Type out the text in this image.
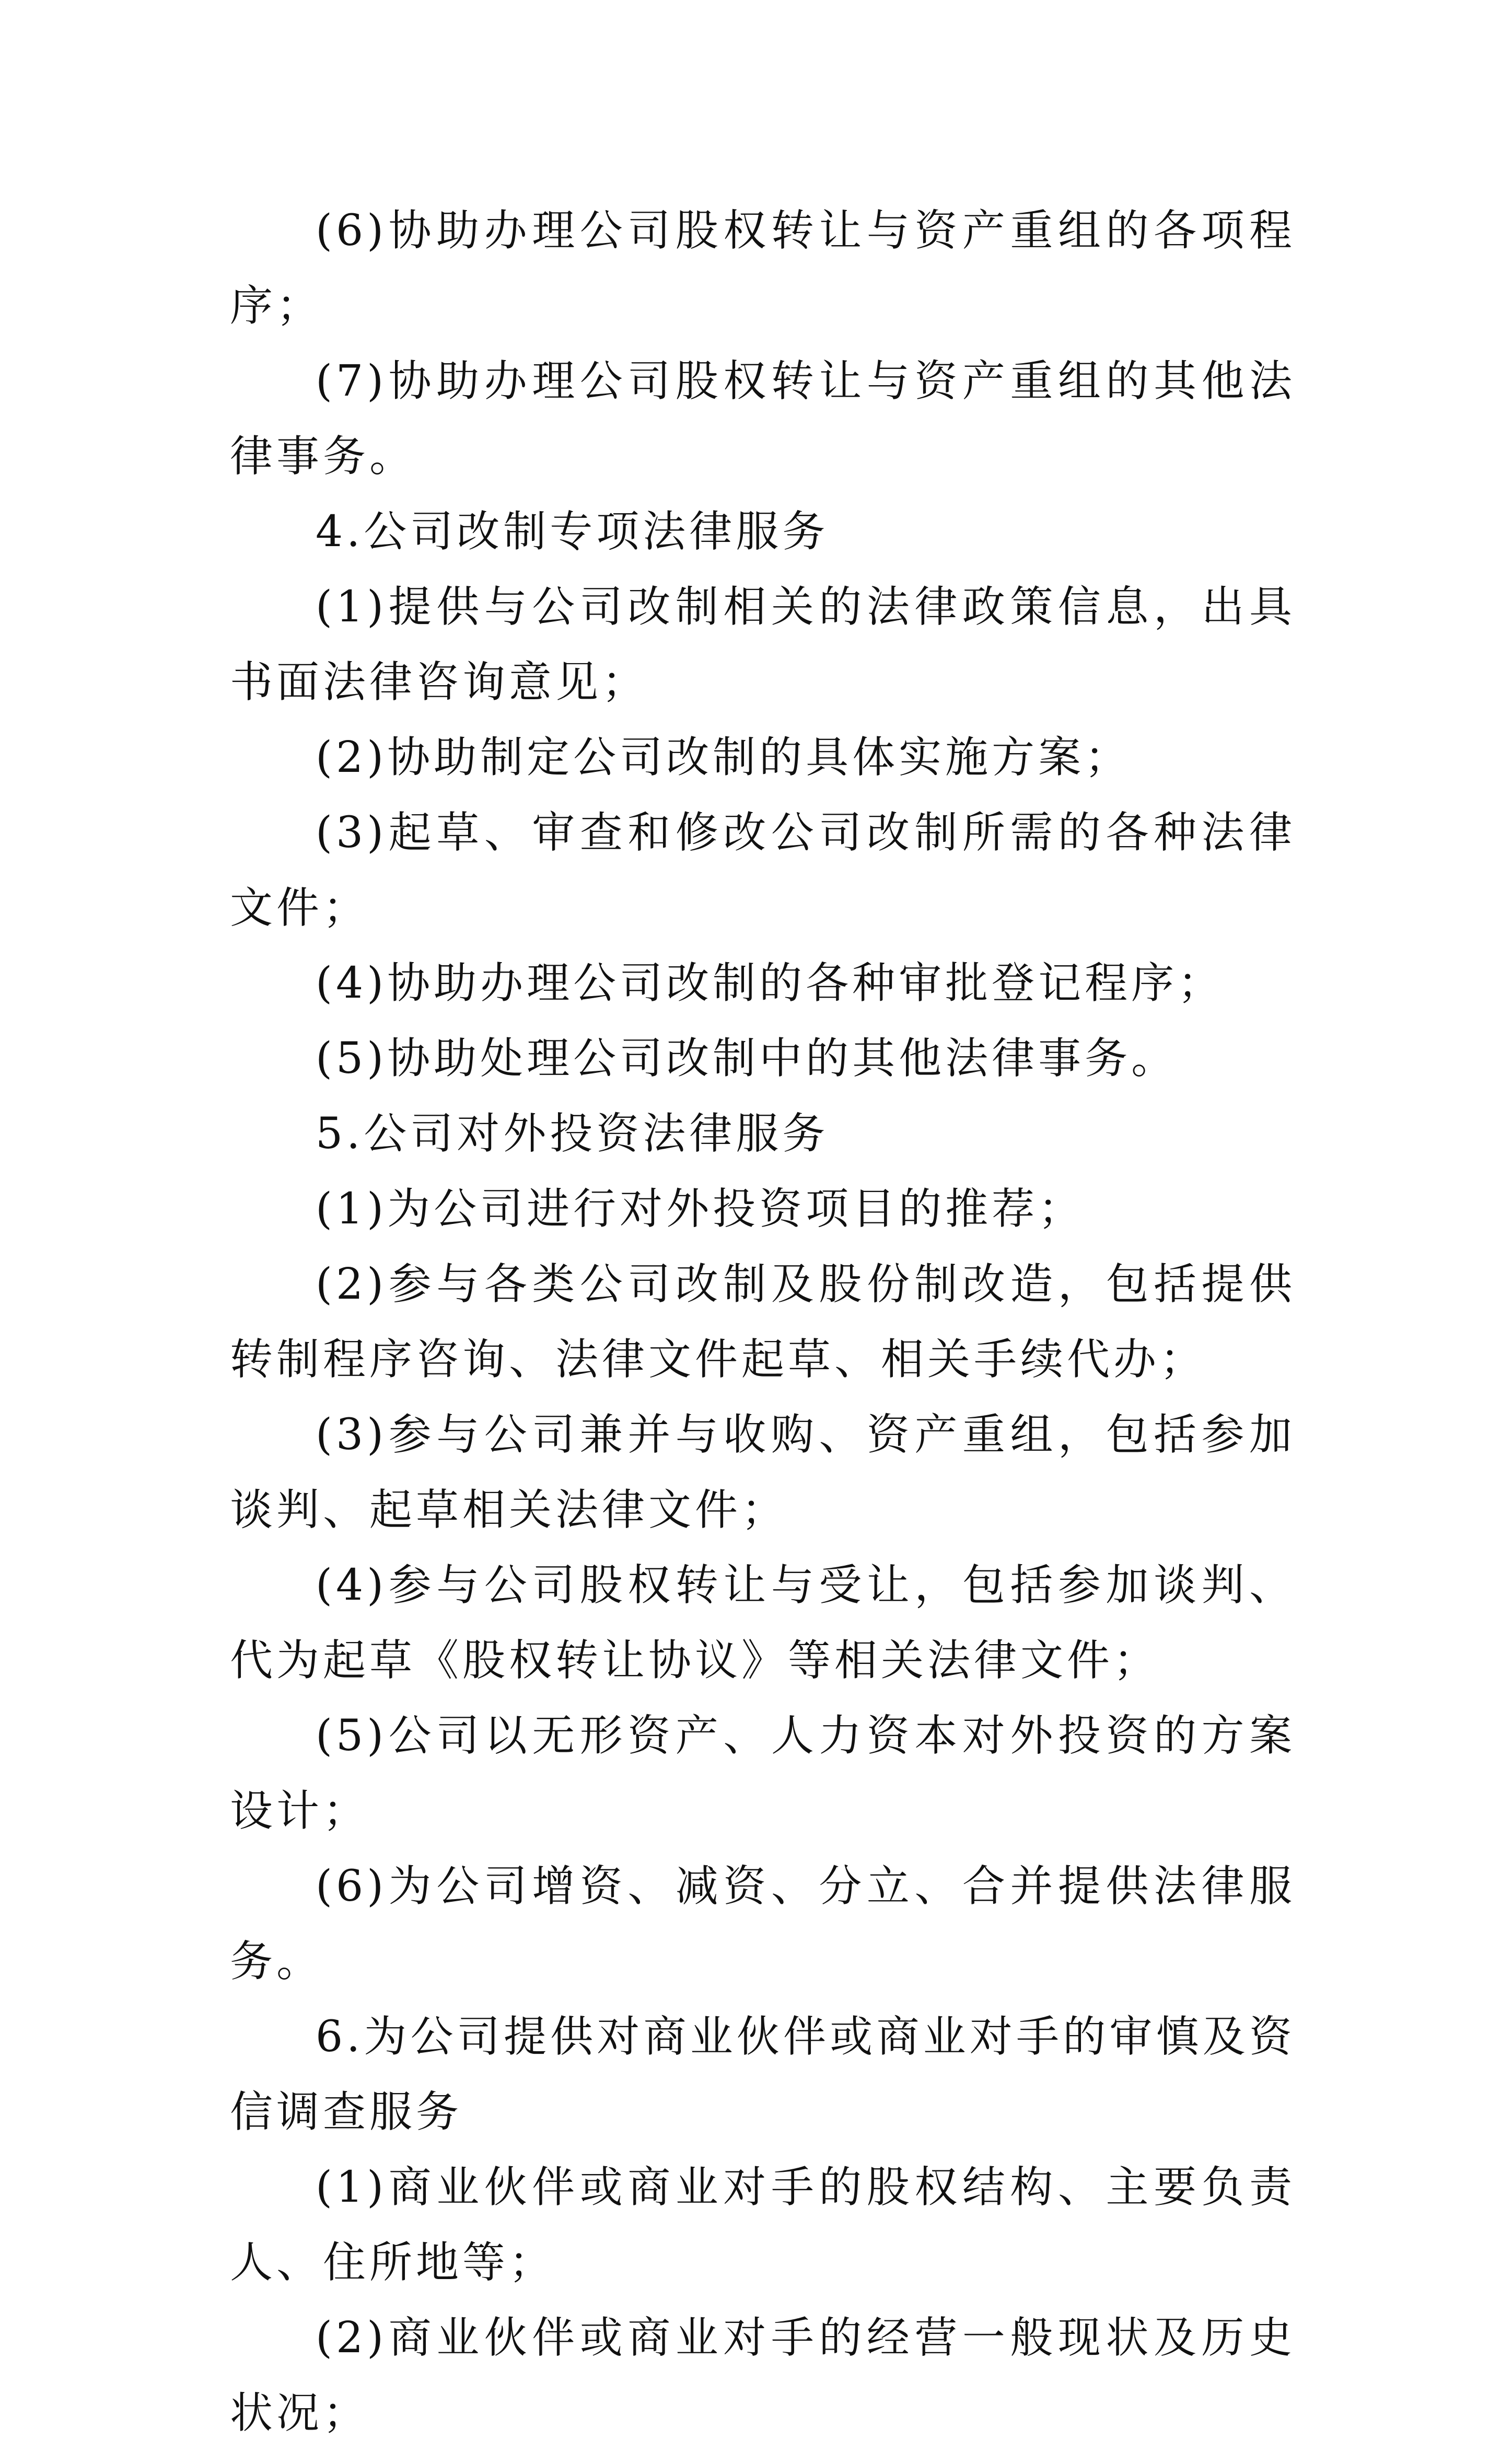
(6)协助办理公司股权转让与资产重组的各项程序；

(7)协助办理公司股权转让与资产重组的其他法律事务。

4.公司改制专项法律服务

(1)提供与公司改制相关的法律政策信息，出具书面法律咨询意见；

(2)协助制定公司改制的具体实施方案；

(3)起草、审查和修改公司改制所需的各种法律文件；

(4)协助办理公司改制的各种审批登记程序；

(5)协助处理公司改制中的其他法律事务。

5.公司对外投资法律服务

(1)为公司进行对外投资项目的推荐；

(2)参与各类公司改制及股份制改造，包括提供转制程序咨询、法律文件起草、相关手续代办；

(3)参与公司兼并与收购、资产重组，包括参加谈判、起草相关法律文件；

(4)参与公司股权转让与受让，包括参加谈判、代为起草《股权转让协议》等相关法律文件；

(5)公司以无形资产、人力资本对外投资的方案设计；

(6)为公司增资、减资、分立、合并提供法律服务。

6.为公司提供对商业伙伴或商业对手的审慎及资信调查服务

(1)商业伙伴或商业对手的股权结构、主要负责人、住所地等；

(2)商业伙伴或商业对手的经营一般现状及历史状况；
